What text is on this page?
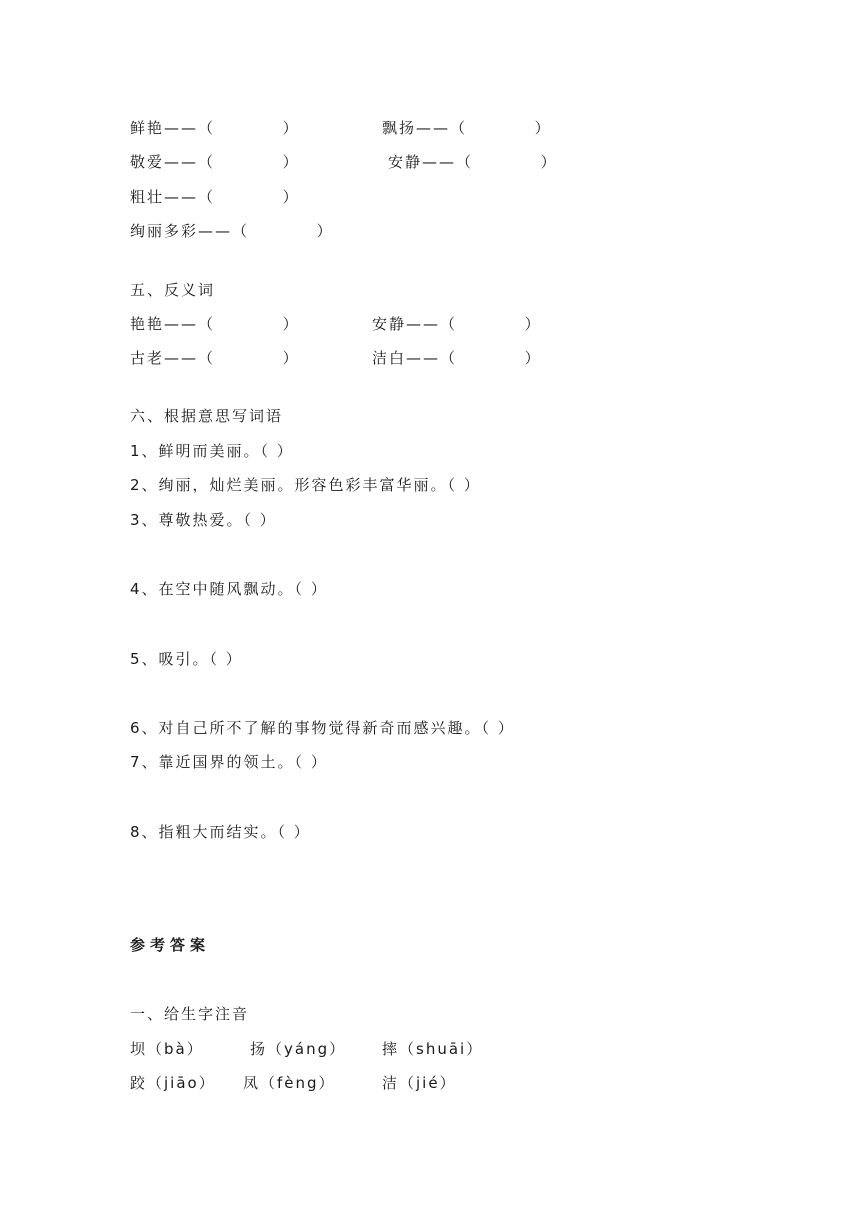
鲜艳——（          ）	飘扬——（          ）
敬爱——（          ）	安静——（          ）
粗壮——（          ）
绚丽多彩——（          ）
五、反义词
艳艳——（          ）	安静——（          ）
古老——（          ）	洁白——（          ）
六、根据意思写词语
1、鲜明而美丽。（ ）
2、绚丽，灿烂美丽。形容色彩丰富华丽。（ ）
3、尊敬热爱。（ ）
4、在空中随风飘动。（ ）
5、吸引。（ ）
6、对自己所不了解的事物觉得新奇而感兴趣。（ ）
7、靠近国界的领土。（ ）
8、指粗大而结实。（ ）
参考答案
一、给生字注音
坝（bà）	扬（yáng） 摔（shuāi）
跤（jiāo） 凤（fèng）	洁（jié）
